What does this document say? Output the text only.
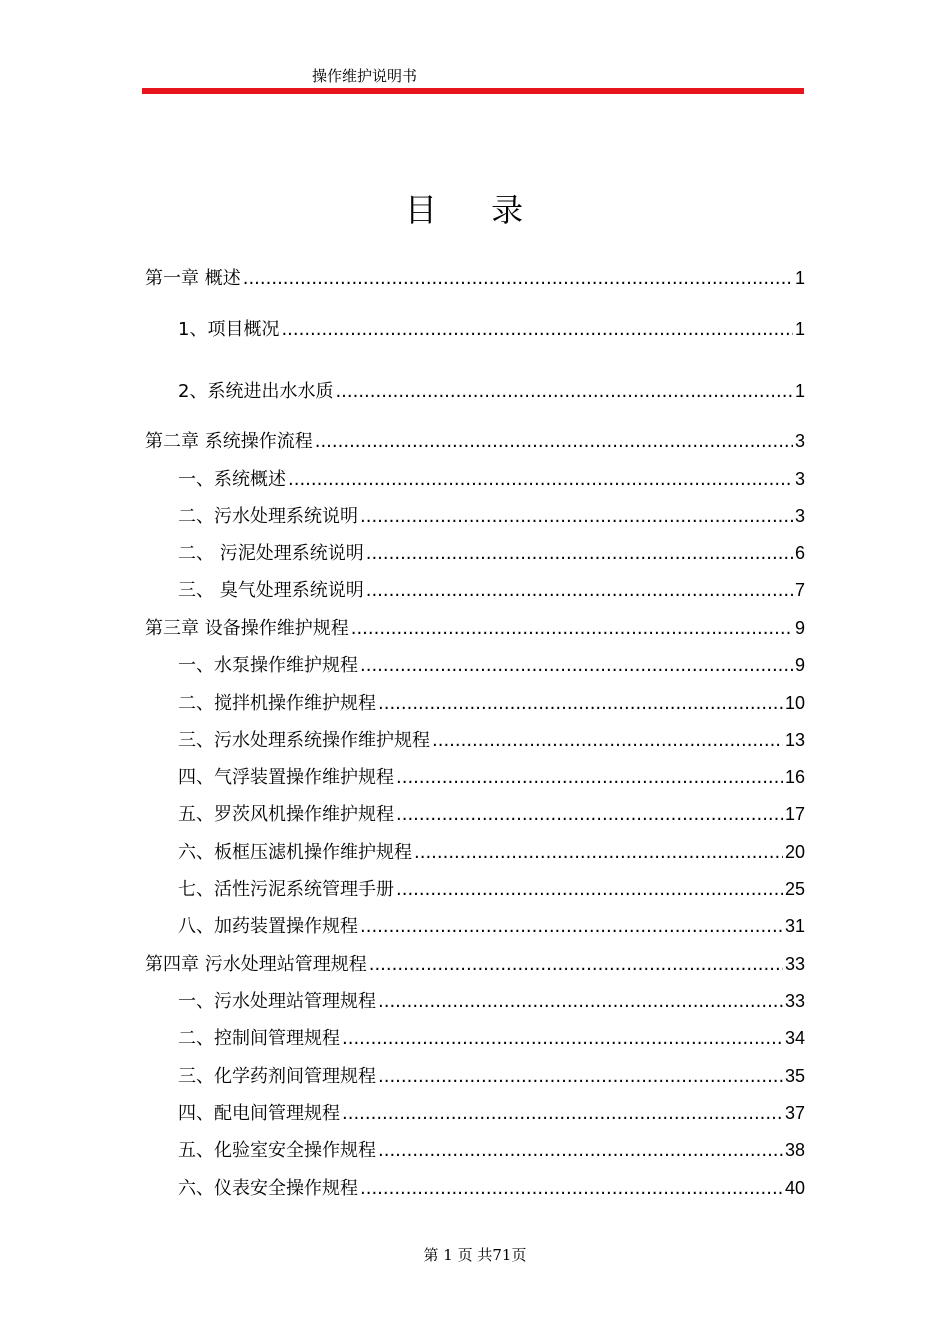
操作维护说明书
目 录
第一章 概述 .....	1
1、项目概况 .....	1
2、系统进出水水质 .....	1
第二章 系统操作流程 .....	3
一、系统概述 .....	3
二、污水处理系统说明 .....	3
二、 污泥处理系统说明 .....	6
三、 臭气处理系统说明 .....	7
第三章 设备操作维护规程 .....	9
一、水泵操作维护规程 .....	9
二、搅拌机操作维护规程 .....	10
三、污水处理系统操作维护规程 .....	13
四、气浮装置操作维护规程 .....	16
五、罗茨风机操作维护规程 .....	17
六、板框压滤机操作维护规程 .....	20
七、活性污泥系统管理手册 .....	25
八、加药装置操作规程 .....	31
第四章 污水处理站管理规程 .....	33
一、污水处理站管理规程 .....	33
二、控制间管理规程 .....	34
三、化学药剂间管理规程 .....	35
四、配电间管理规程 .....	37
五、化验室安全操作规程 .....	38
六、仪表安全操作规程 .....	40
第 1 页 共71页
